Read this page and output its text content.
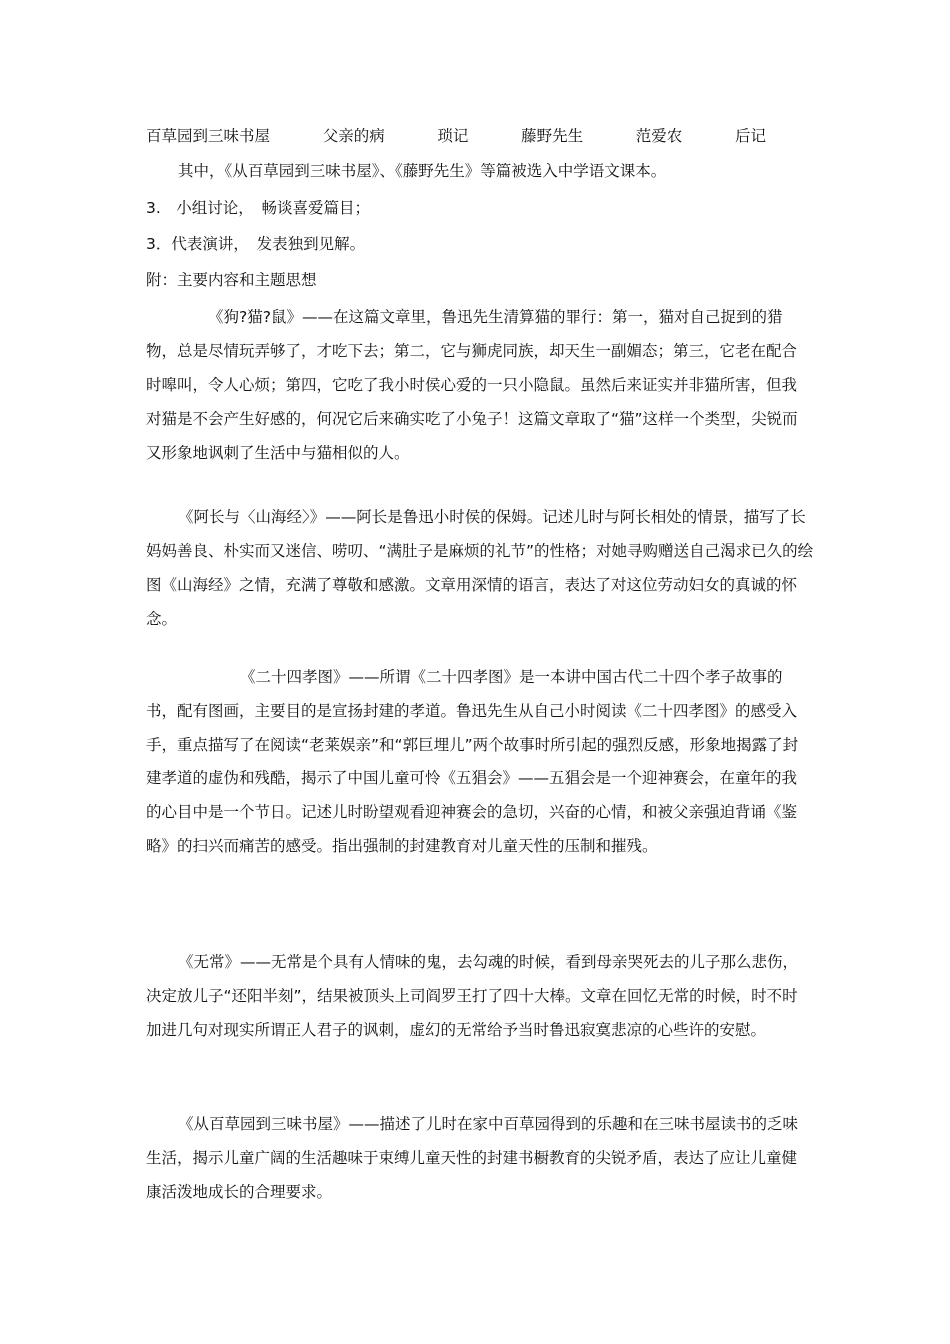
百草园到三味书屋	父亲的病	琐记	藤野先生	范爱农	后记
其中，《从百草园到三味书屋》、《藤野先生》等篇被选入中学语文课本。
3.　小组讨论，　畅谈喜爱篇目；
3．代表演讲，　发表独到见解。
附：主要内容和主题思想
《狗?猫?鼠》——在这篇文章里，鲁迅先生清算猫的罪行：第一，猫对自己捉到的猎物，总是尽情玩弄够了，才吃下去；第二，它与狮虎同族，却天生一副媚态；第三，它老在配合时嗥叫，令人心烦；第四，它吃了我小时侯心爱的一只小隐鼠。虽然后来证实并非猫所害，但我对猫是不会产生好感的，何况它后来确实吃了小兔子！这篇文章取了“猫”这样一个类型，尖锐而又形象地讽刺了生活中与猫相似的人。
《阿长与〈山海经〉》——阿长是鲁迅小时侯的保姆。记述儿时与阿长相处的情景，描写了长妈妈善良、朴实而又迷信、唠叨、“满肚子是麻烦的礼节”的性格；对她寻购赠送自己渴求已久的绘图《山海经》之情，充满了尊敬和感激。文章用深情的语言，表达了对这位劳动妇女的真诚的怀念。
《二十四孝图》——所谓《二十四孝图》是一本讲中国古代二十四个孝子故事的书，配有图画，主要目的是宣扬封建的孝道。鲁迅先生从自己小时阅读《二十四孝图》的感受入手，重点描写了在阅读“老莱娱亲”和“郭巨埋儿”两个故事时所引起的强烈反感，形象地揭露了封建孝道的虚伪和残酷，揭示了中国儿童可怜《五猖会》——五猖会是一个迎神赛会，在童年的我的心目中是一个节日。记述儿时盼望观看迎神赛会的急切，兴奋的心情，和被父亲强迫背诵《鉴略》的扫兴而痛苦的感受。指出强制的封建教育对儿童天性的压制和摧残。
《无常》——无常是个具有人情味的鬼，去勾魂的时候，看到母亲哭死去的儿子那么悲伤，决定放儿子“还阳半刻”，结果被顶头上司阎罗王打了四十大棒。文章在回忆无常的时候，时不时加进几句对现实所谓正人君子的讽刺，虚幻的无常给予当时鲁迅寂寞悲凉的心些许的安慰。
《从百草园到三味书屋》——描述了儿时在家中百草园得到的乐趣和在三味书屋读书的乏味生活，揭示儿童广阔的生活趣味于束缚儿童天性的封建书橱教育的尖锐矛盾，表达了应让儿童健康活泼地成长的合理要求。
